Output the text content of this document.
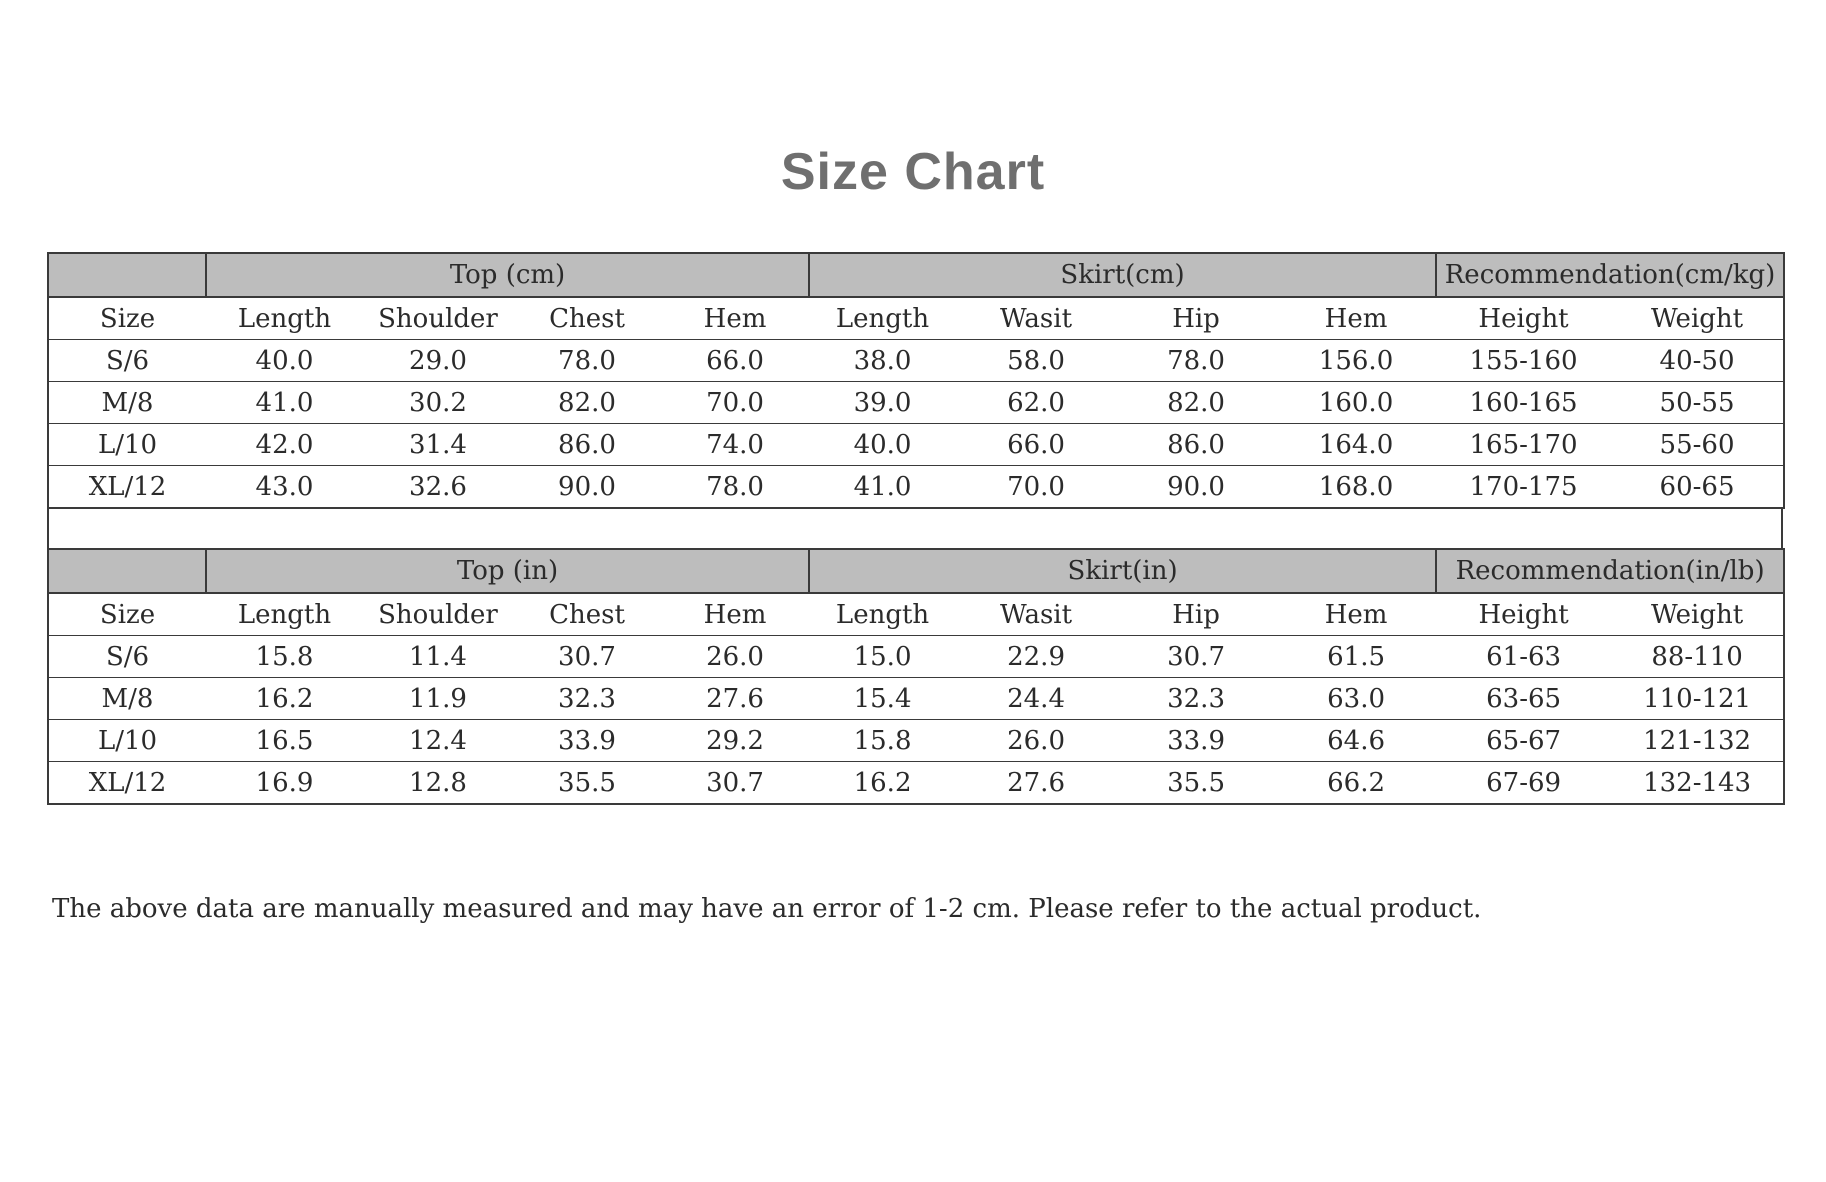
Size Chart
	Top (cm)				Skirt(cm)				Recommendation(cm/kg)	
Size	Length	Shoulder	Chest	Hem	Length	Wasit	Hip	Hem	Height	Weight
S/6	40.0	29.0	78.0	66.0	38.0	58.0	78.0	156.0	155-160	40-50
M/8	41.0	30.2	82.0	70.0	39.0	62.0	82.0	160.0	160-165	50-55
L/10	42.0	31.4	86.0	74.0	40.0	66.0	86.0	164.0	165-170	55-60
XL/12	43.0	32.6	90.0	78.0	41.0	70.0	90.0	168.0	170-175	60-65
	Top (in)				Skirt(in)				Recommendation(in/lb)	
Size	Length	Shoulder	Chest	Hem	Length	Wasit	Hip	Hem	Height	Weight
S/6	15.8	11.4	30.7	26.0	15.0	22.9	30.7	61.5	61-63	88-110
M/8	16.2	11.9	32.3	27.6	15.4	24.4	32.3	63.0	63-65	110-121
L/10	16.5	12.4	33.9	29.2	15.8	26.0	33.9	64.6	65-67	121-132
XL/12	16.9	12.8	35.5	30.7	16.2	27.6	35.5	66.2	67-69	132-143
The above data are manually measured and may have an error of 1-2 cm. Please refer to the actual product.
